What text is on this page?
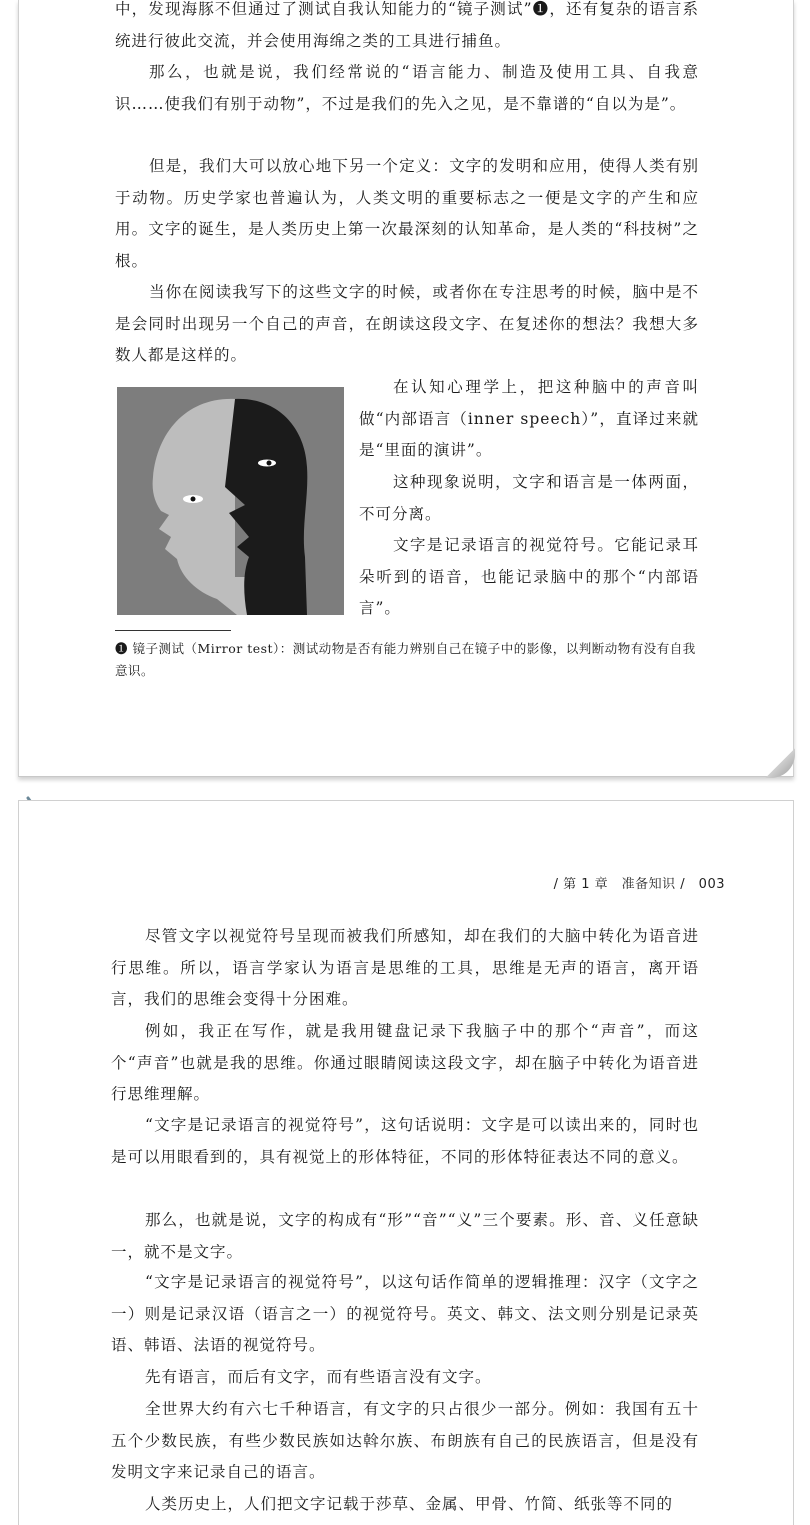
中，发现海豚不但通过了测试自我认知能力的“镜子测试”❶，还有复杂的语言系统进行彼此交流，并会使用海绵之类的工具进行捕鱼。

那么，也就是说，我们经常说的“语言能力、制造及使用工具、自我意识……使我们有别于动物”，不过是我们的先入之见，是不靠谱的“自以为是”。

但是，我们大可以放心地下另一个定义：文字的发明和应用，使得人类有别于动物。历史学家也普遍认为，人类文明的重要标志之一便是文字的产生和应用。文字的诞生，是人类历史上第一次最深刻的认知革命，是人类的“科技树”之根。

当你在阅读我写下的这些文字的时候，或者你在专注思考的时候，脑中是不是会同时出现另一个自己的声音，在朗读这段文字、在复述你的想法？我想大多数人都是这样的。

在认知心理学上，把这种脑中的声音叫做“内部语言（inner speech）”，直译过来就是“里面的演讲”。

这种现象说明，文字和语言是一体两面，不可分离。

文字是记录语言的视觉符号。它能记录耳朵听到的语音，也能记录脑中的那个“内部语言”。

❶ 镜子测试（Mirror test）：测试动物是否有能力辨别自己在镜子中的影像，以判断动物有没有自我意识。
/ 第 1 章　准备知识 /　003

尽管文字以视觉符号呈现而被我们所感知，却在我们的大脑中转化为语音进行思维。所以，语言学家认为语言是思维的工具，思维是无声的语言，离开语言，我们的思维会变得十分困难。

例如，我正在写作，就是我用键盘记录下我脑子中的那个“声音”，而这个“声音”也就是我的思维。你通过眼睛阅读这段文字，却在脑子中转化为语音进行思维理解。

“文字是记录语言的视觉符号”，这句话说明：文字是可以读出来的，同时也是可以用眼看到的，具有视觉上的形体特征，不同的形体特征表达不同的意义。

那么，也就是说，文字的构成有“形”“音”“义”三个要素。形、音、义任意缺一，就不是文字。

“文字是记录语言的视觉符号”，以这句话作简单的逻辑推理：汉字（文字之一）则是记录汉语（语言之一）的视觉符号。英文、韩文、法文则分别是记录英语、韩语、法语的视觉符号。

先有语言，而后有文字，而有些语言没有文字。

全世界大约有六七千种语言，有文字的只占很少一部分。例如：我国有五十五个少数民族，有些少数民族如达斡尔族、布朗族有自己的民族语言，但是没有发明文字来记录自己的语言。

人类历史上，人们把文字记载于莎草、金属、甲骨、竹简、纸张等不同的
